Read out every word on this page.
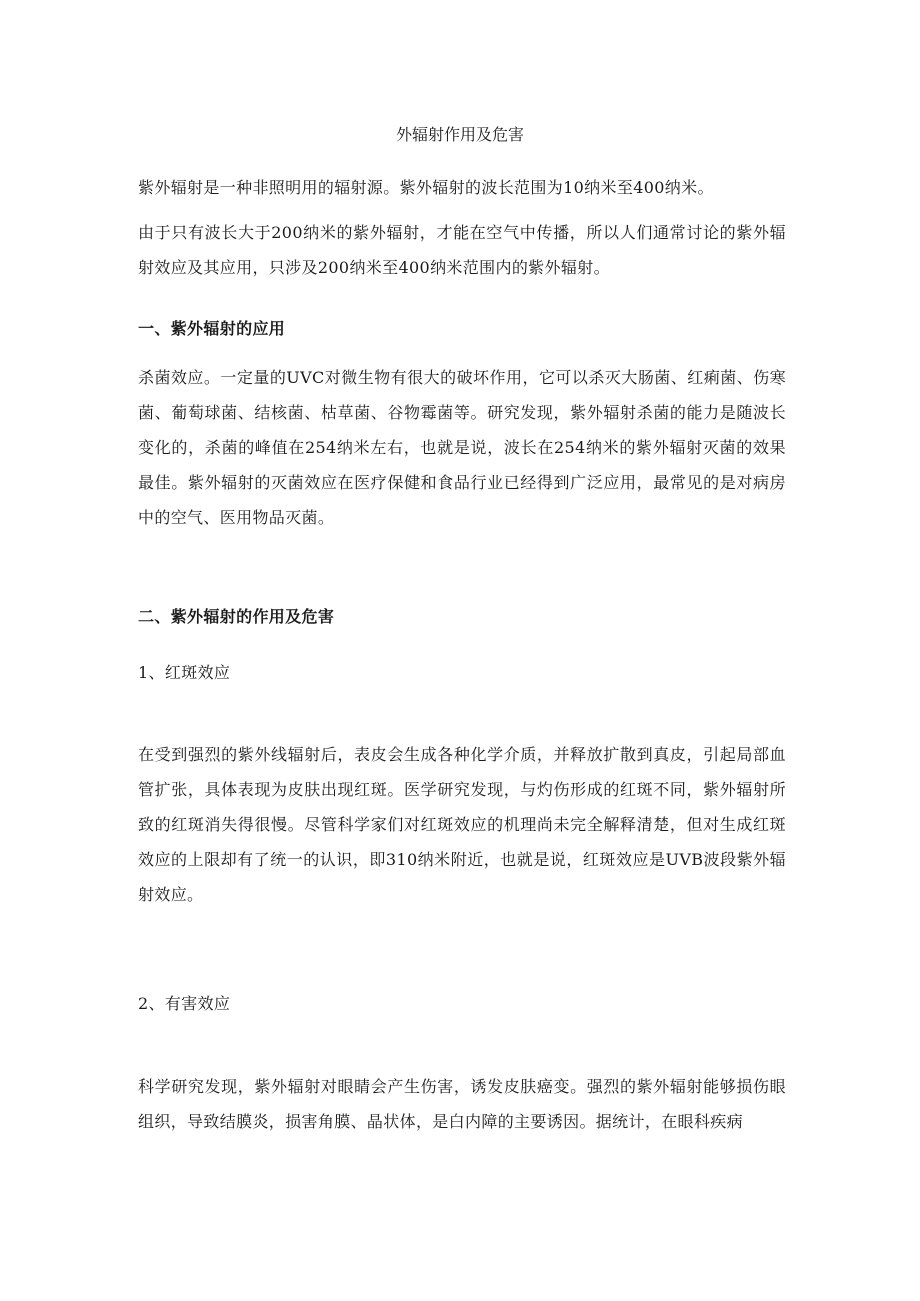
外辐射作用及危害

紫外辐射是一种非照明用的辐射源。紫外辐射的波长范围为10纳米至400纳米。

由于只有波长大于200纳米的紫外辐射，才能在空气中传播，所以人们通常讨论的紫外辐射效应及其应用，只涉及200纳米至400纳米范围内的紫外辐射。

一、紫外辐射的应用

杀菌效应。一定量的UVC对微生物有很大的破坏作用，它可以杀灭大肠菌、红痢菌、伤寒菌、葡萄球菌、结核菌、枯草菌、谷物霉菌等。研究发现，紫外辐射杀菌的能力是随波长变化的，杀菌的峰值在254纳米左右，也就是说，波长在254纳米的紫外辐射灭菌的效果最佳。紫外辐射的灭菌效应在医疗保健和食品行业已经得到广泛应用，最常见的是对病房中的空气、医用物品灭菌。

二、紫外辐射的作用及危害
1、红斑效应

在受到强烈的紫外线辐射后，表皮会生成各种化学介质，并释放扩散到真皮，引起局部血管扩张，具体表现为皮肤出现红斑。医学研究发现，与灼伤形成的红斑不同，紫外辐射所致的红斑消失得很慢。尽管科学家们对红斑效应的机理尚未完全解释清楚，但对生成红斑效应的上限却有了统一的认识，即310纳米附近，也就是说，红斑效应是UVB波段紫外辐射效应。

2、有害效应

科学研究发现，紫外辐射对眼睛会产生伤害，诱发皮肤癌变。强烈的紫外辐射能够损伤眼组织，导致结膜炎，损害角膜、晶状体，是白内障的主要诱因。据统计，在眼科疾病
